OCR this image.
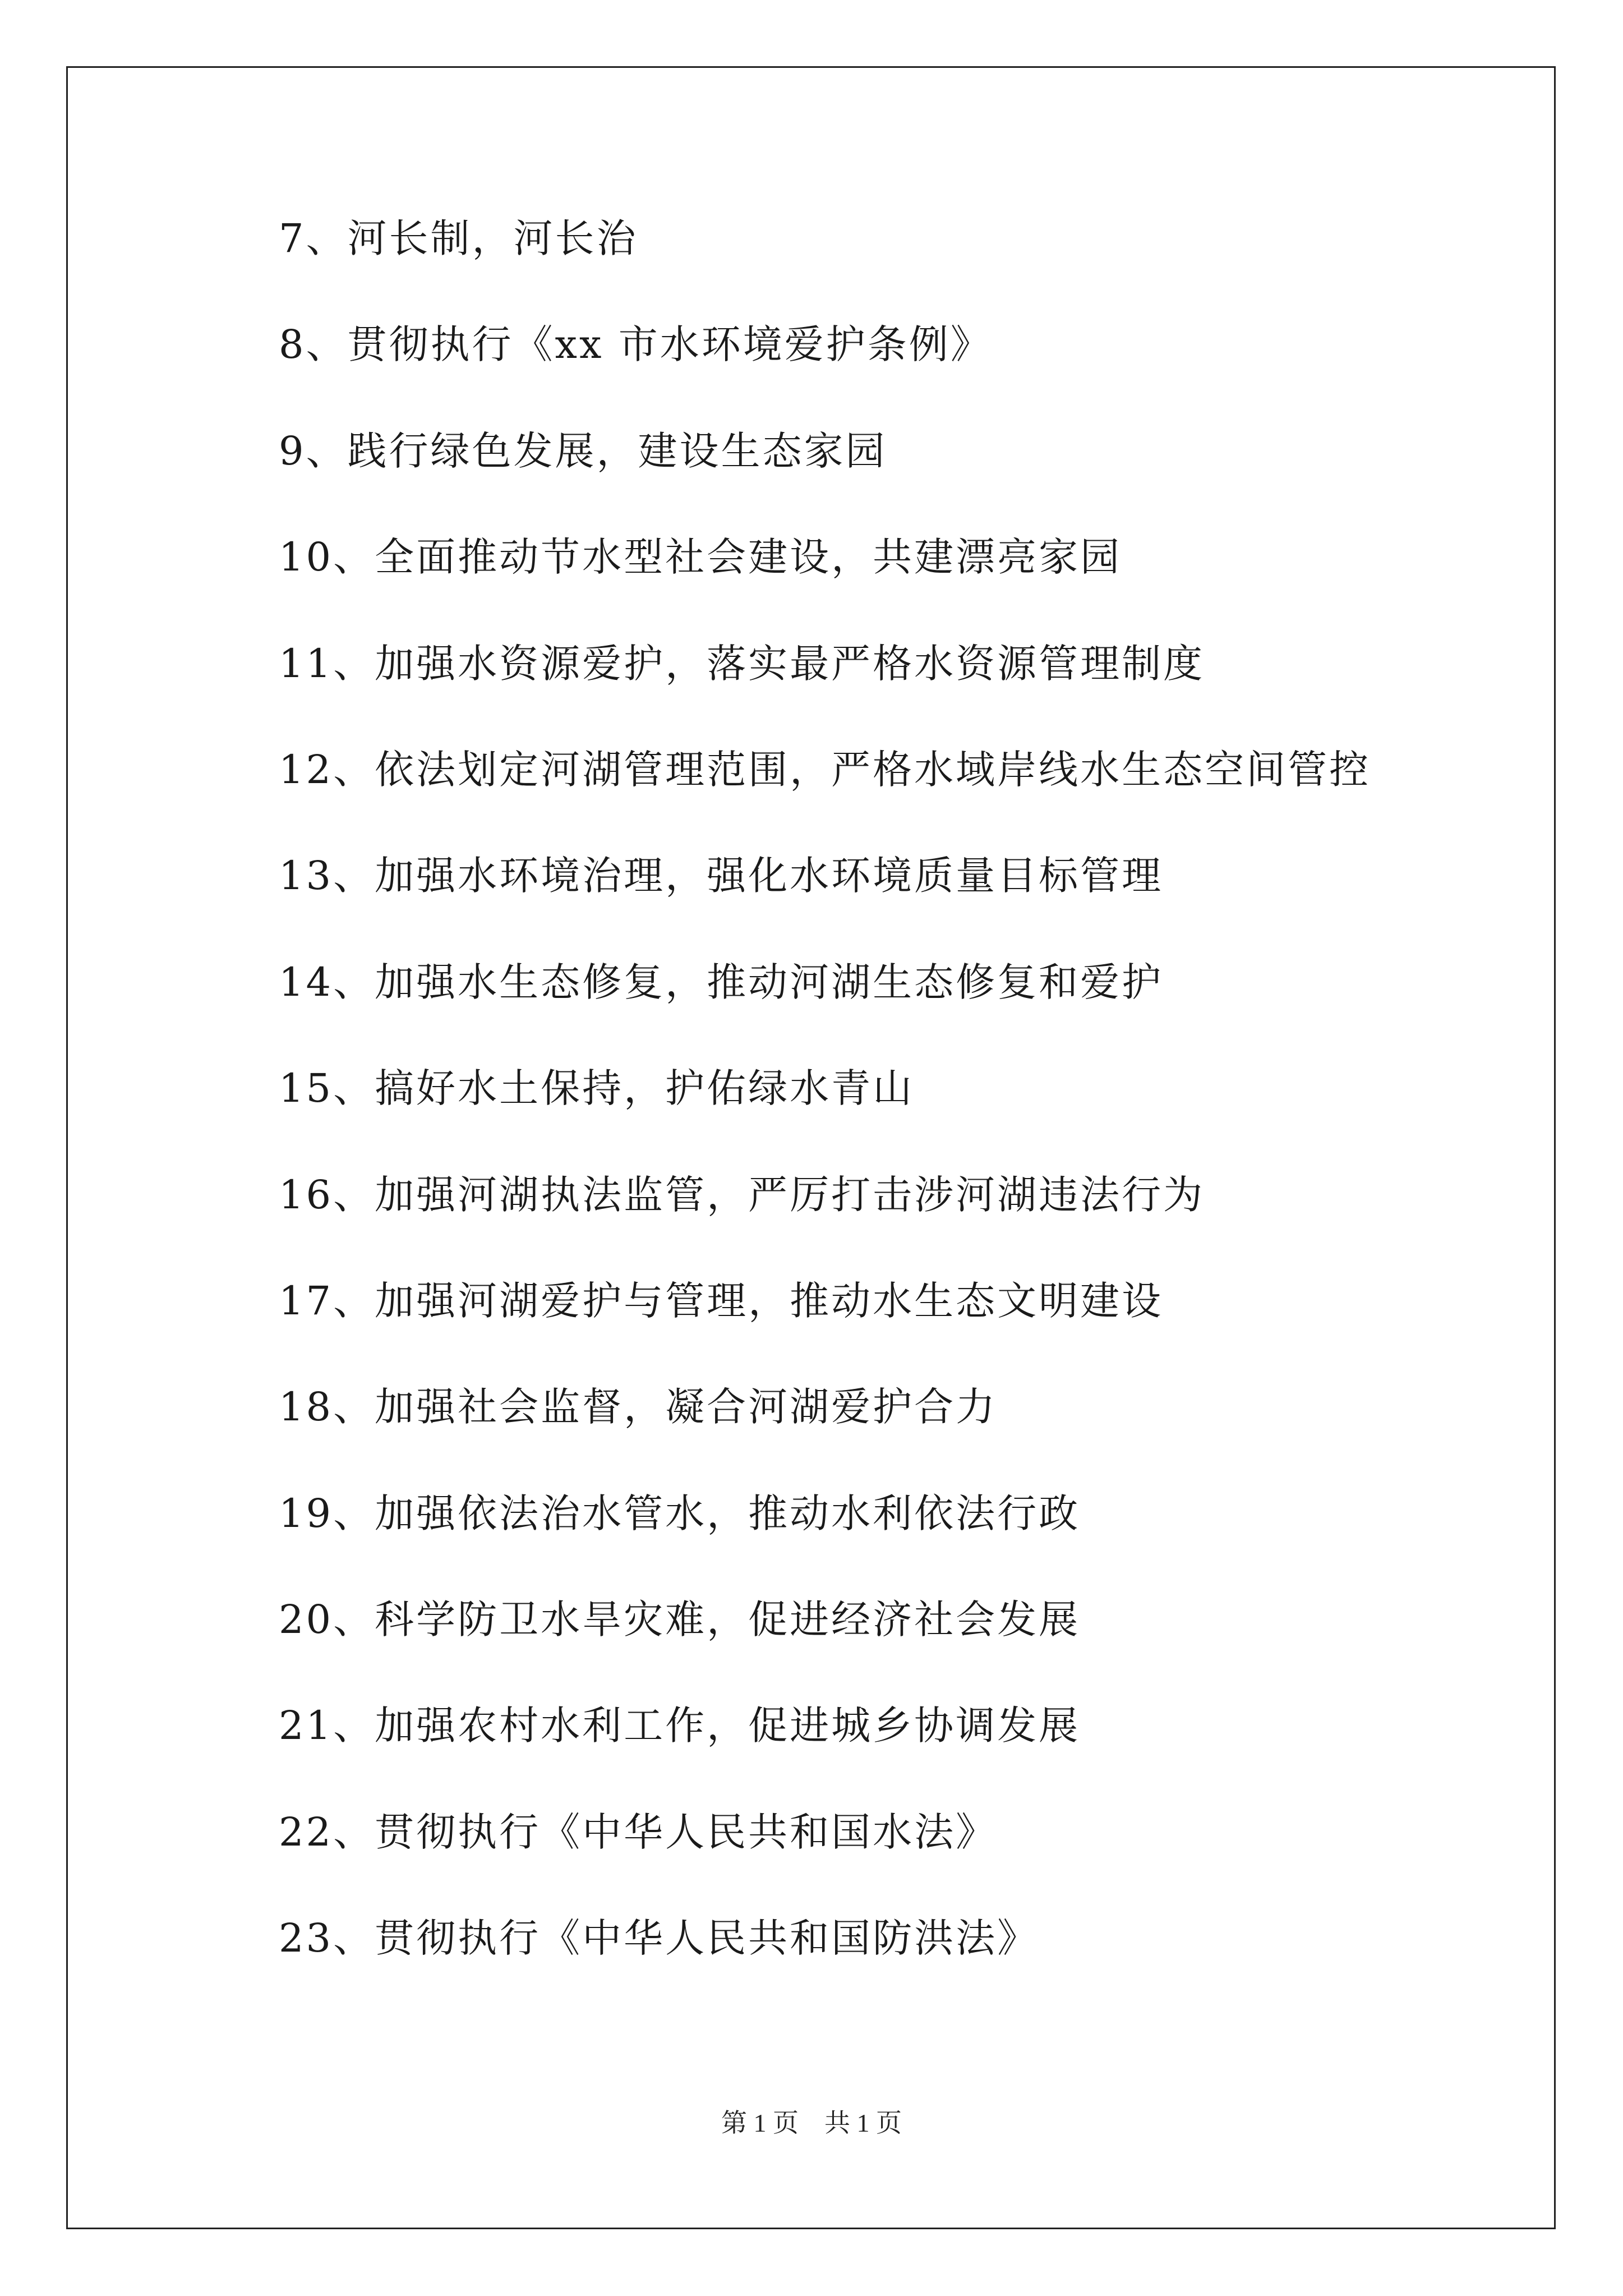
7、河长制，河长治
8、贯彻执行《xx 市水环境爱护条例》
9、践行绿色发展，建设生态家园
10、全面推动节水型社会建设，共建漂亮家园
11、加强水资源爱护，落实最严格水资源管理制度
12、依法划定河湖管理范围，严格水域岸线水生态空间管控
13、加强水环境治理，强化水环境质量目标管理
14、加强水生态修复，推动河湖生态修复和爱护
15、搞好水土保持，护佑绿水青山
16、加强河湖执法监管，严厉打击涉河湖违法行为
17、加强河湖爱护与管理，推动水生态文明建设
18、加强社会监督，凝合河湖爱护合力
19、加强依法治水管水，推动水利依法行政
20、科学防卫水旱灾难，促进经济社会发展
21、加强农村水利工作，促进城乡协调发展
22、贯彻执行《中华人民共和国水法》
23、贯彻执行《中华人民共和国防洪法》
第 1 页　共 1 页
